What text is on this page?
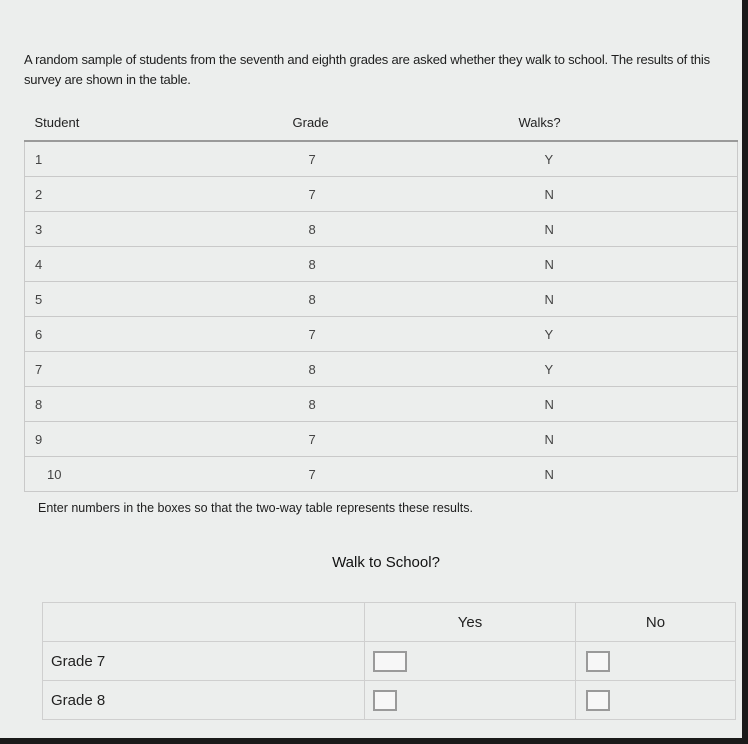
A random sample of students from the seventh and eighth grades are asked whether they walk to school. The results of this survey are shown in the table.
Student	Grade	Walks?
1	7	Y
2	7	N
3	8	N
4	8	N
5	8	N
6	7	Y
7	8	Y
8	8	N
9	7	N
10	7	N
Enter numbers in the boxes so that the two-way table represents these results.
Walk to School?
	Yes	No
Grade 7		
Grade 8		
